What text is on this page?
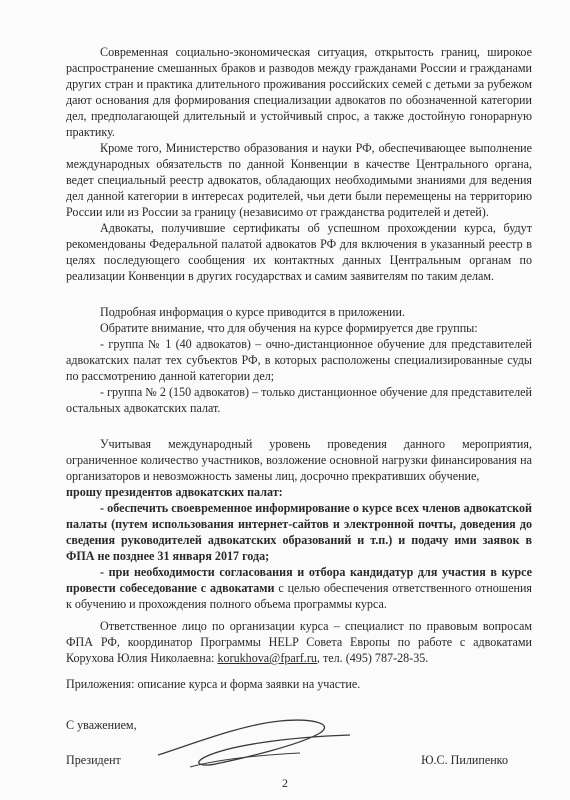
Современная социально-экономическая ситуация, открытость границ, широкое распространение смешанных браков и разводов между гражданами России и гражданами других стран и практика длительного проживания российских семей с детьми за рубежом дают основания для формирования специализации адвокатов по обозначенной категории дел, предполагающей длительный и устойчивый спрос, а также достойную гонорарную практику.

Кроме того, Министерство образования и науки РФ, обеспечивающее выполнение международных обязательств по данной Конвенции в качестве Центрального органа, ведет специальный реестр адвокатов, обладающих необходимыми знаниями для ведения дел данной категории в интересах родителей, чьи дети были перемещены на территорию России или из России за границу (независимо от гражданства родителей и детей).

Адвокаты, получившие сертификаты об успешном прохождении курса, будут рекомендованы Федеральной палатой адвокатов РФ для включения в указанный реестр в целях последующего сообщения их контактных данных Центральным органам по реализации Конвенции в других государствах и самим заявителям по таким делам.

Подробная информация о курсе приводится в приложении.

Обратите внимание, что для обучения на курсе формируется две группы:

- группа № 1 (40 адвокатов) – очно-дистанционное обучение для представителей адвокатских палат тех субъектов РФ, в которых расположены специализированные суды по рассмотрению данной категории дел;

- группа № 2 (150 адвокатов) – только дистанционное обучение для представителей остальных адвокатских палат.

Учитывая международный уровень проведения данного мероприятия, ограниченное количество участников, возложение основной нагрузки финансирования на организаторов и невозможность замены лиц, досрочно прекративших обучение,

прошу президентов адвокатских палат:

- обеспечить своевременное информирование о курсе всех членов адвокатской палаты (путем использования интернет-сайтов и электронной почты, доведения до сведения руководителей адвокатских образований и т.п.) и подачу ими заявок в ФПА не позднее 31 января 2017 года;

- при необходимости согласования и отбора кандидатур для участия в курсе провести собеседование с адвокатами с целью обеспечения ответственного отношения к обучению и прохождения полного объема программы курса.

Ответственное лицо по организации курса – специалист по правовым вопросам ФПА РФ, координатор Программы HELP Совета Европы по работе с адвокатами Корухова Юлия Николаевна: korukhova@fparf.ru, тел. (495) 787-28-35.

Приложения: описание курса и форма заявки на участие.

С уважением,
Президент	Ю.С. Пилипенко
2
